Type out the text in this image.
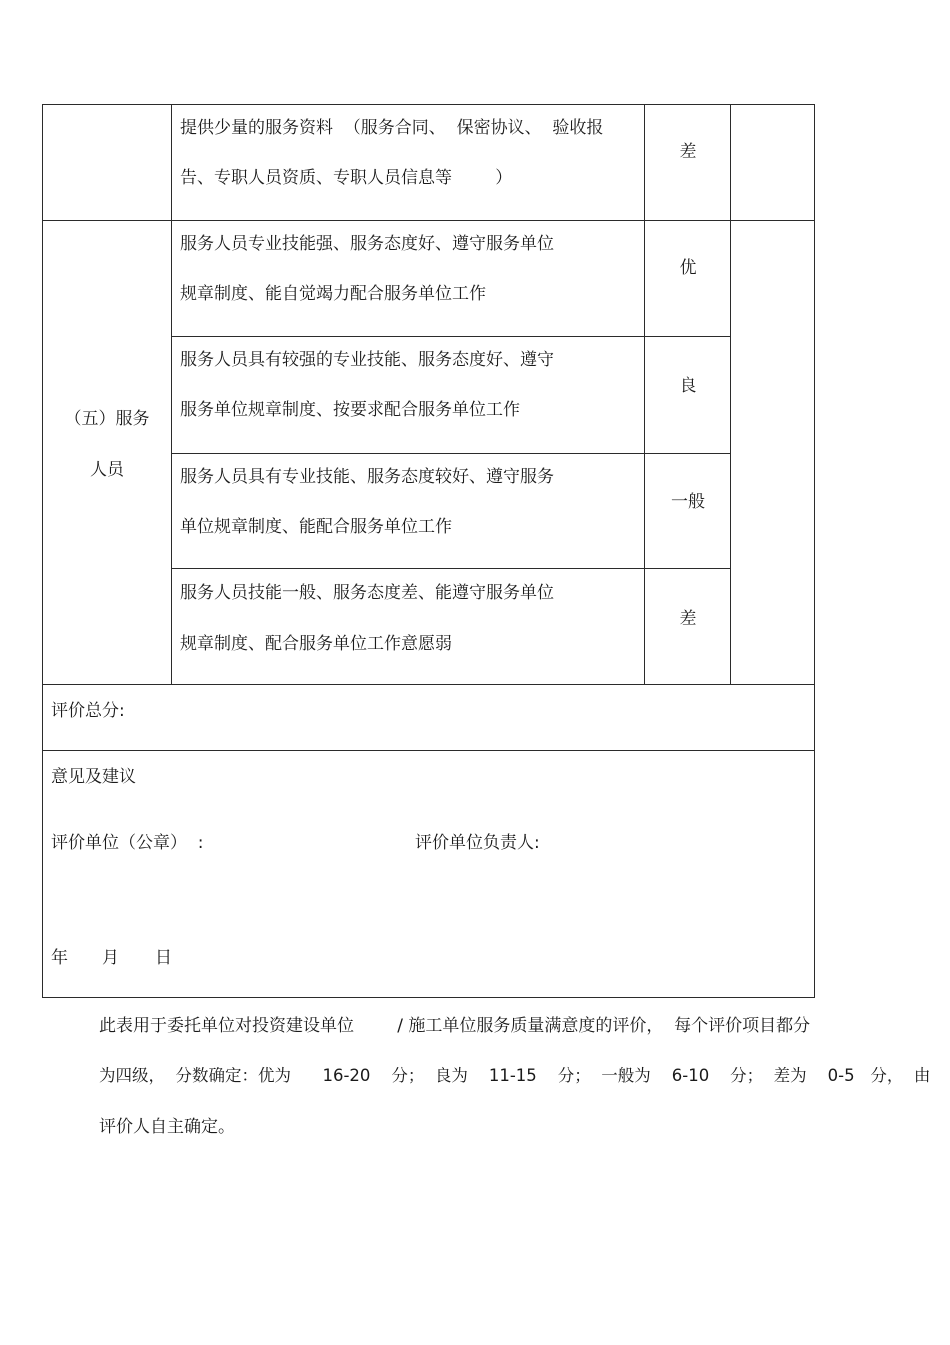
提供少量的服务资料  （服务合同、  保密协议、  验收报
告、专职人员资质、专职人员信息等        ）
差
（五）服务
人员
服务人员专业技能强、服务态度好、遵守服务单位
规章制度、能自觉竭力配合服务单位工作
优
服务人员具有较强的专业技能、服务态度好、遵守
服务单位规章制度、按要求配合服务单位工作
良
服务人员具有专业技能、服务态度较好、遵守服务
单位规章制度、能配合服务单位工作
一般
服务人员技能一般、服务态度差、能遵守服务单位
规章制度、配合服务单位工作意愿弱
差
评价总分:
意见及建议
评价单位（公章）  :	评价单位负责人:
年 月 日
此表用于委托单位对投资建设单位        / 施工单位服务质量满意度的评价，  每个评价项目都分
为四级，  分数确定：优为      16-20    分；  良为    11-15    分；  一般为    6-10    分；  差为    0-5   分，  由
评价人自主确定。
